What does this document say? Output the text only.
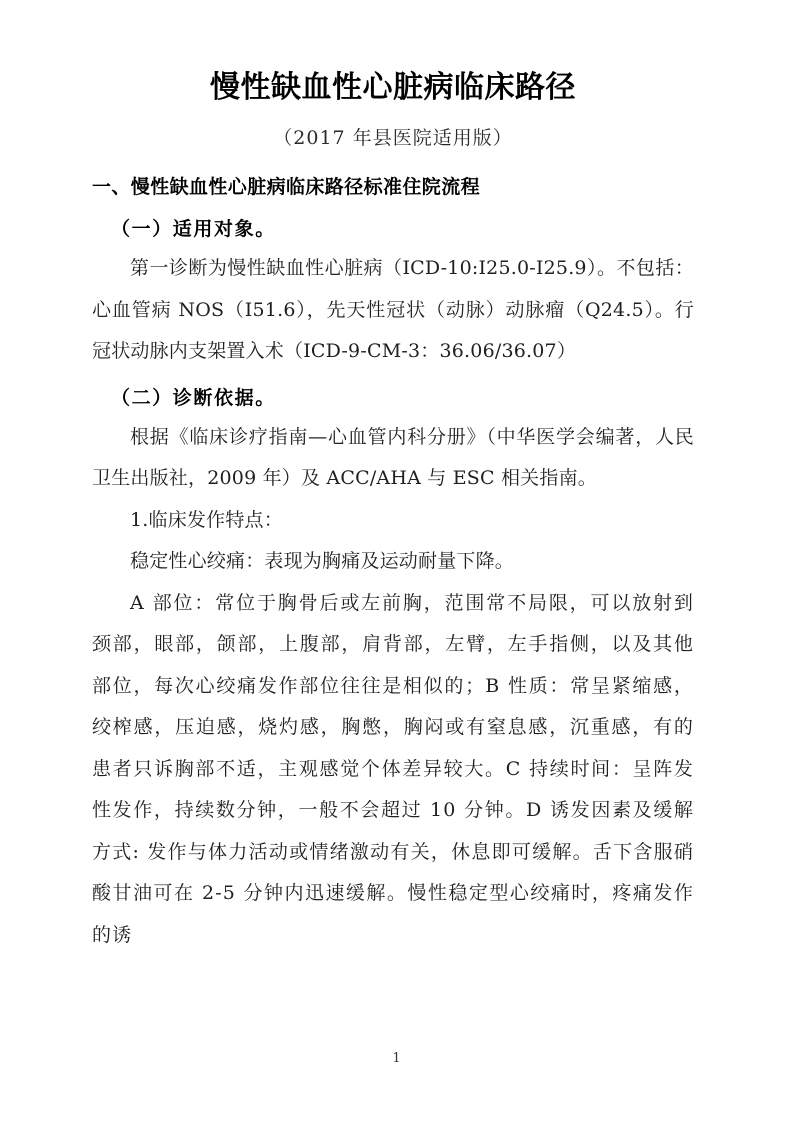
慢性缺血性心脏病临床路径

（2017 年县医院适用版）

一、慢性缺血性心脏病临床路径标准住院流程
（一）适用对象。

第一诊断为慢性缺血性心脏病（ICD-10:I25.0-I25.9）。不包括：心血管病 NOS（I51.6），先天性冠状（动脉）动脉瘤（Q24.5）。行冠状动脉内支架置入术（ICD-9-CM-3：36.06/36.07）

（二）诊断依据。

根据《临床诊疗指南—心血管内科分册》（中华医学会编著，人民卫生出版社，2009 年）及 ACC/AHA 与 ESC 相关指南。

1.临床发作特点：

稳定性心绞痛：表现为胸痛及运动耐量下降。

A 部位：常位于胸骨后或左前胸，范围常不局限，可以放射到颈部，眼部，颌部，上腹部，肩背部，左臂，左手指侧，以及其他部位，每次心绞痛发作部位往往是相似的；B 性质：常呈紧缩感，绞榨感，压迫感，烧灼感，胸憋，胸闷或有窒息感，沉重感，有的患者只诉胸部不适，主观感觉个体差异较大。C 持续时间：呈阵发性发作，持续数分钟，一般不会超过 10 分钟。D 诱发因素及缓解方式: 发作与体力活动或情绪激动有关，休息即可缓解。舌下含服硝酸甘油可在 2-5 分钟内迅速缓解。慢性稳定型心绞痛时，疼痛发作的诱

1
